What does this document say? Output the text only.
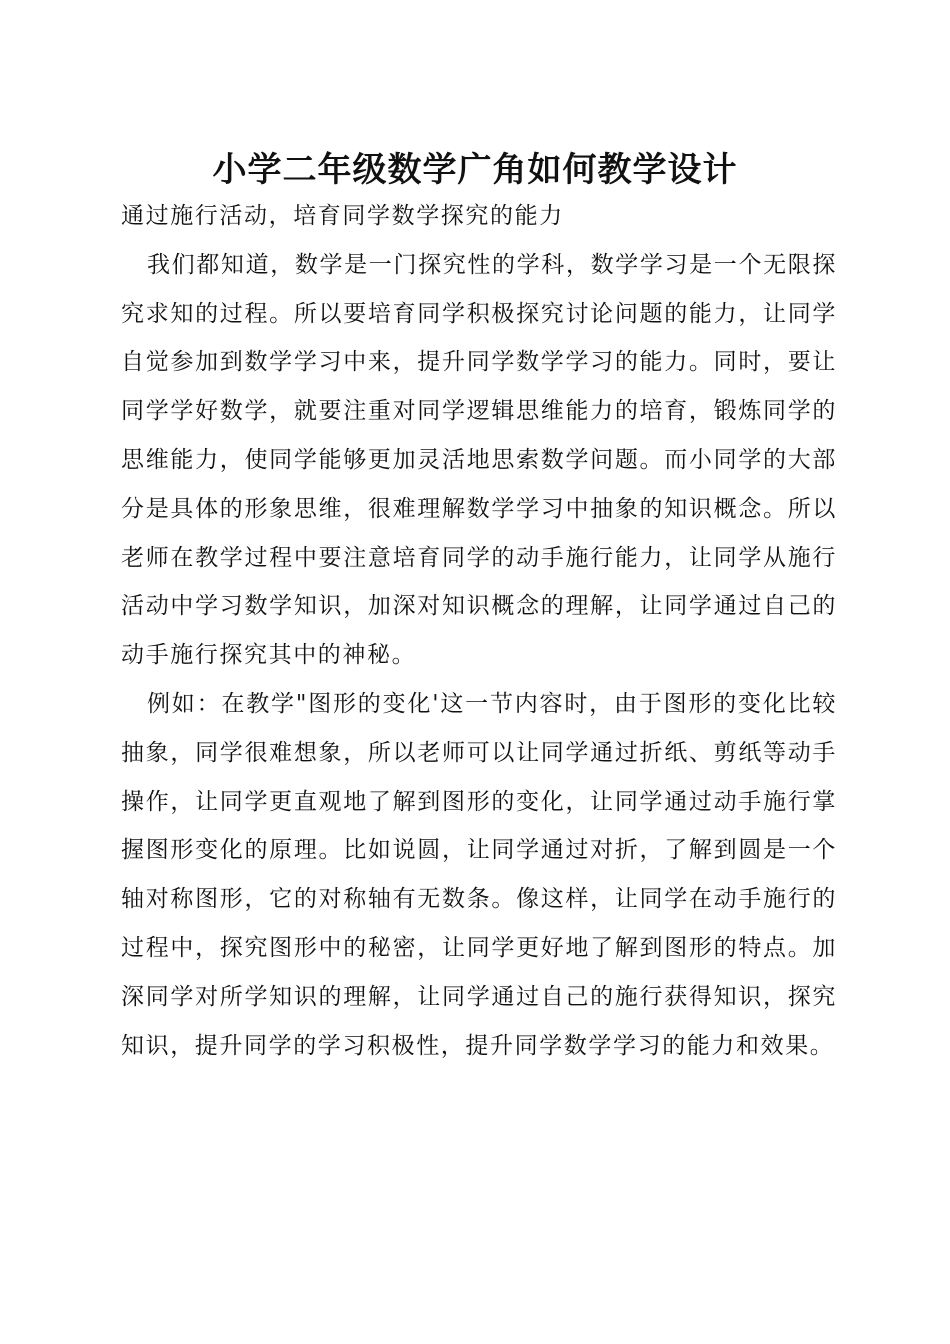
小学二年级数学广角如何教学设计

通过施行活动，培育同学数学探究的能力

我们都知道，数学是一门探究性的学科，数学学习是一个无限探究求知的过程。所以要培育同学积极探究讨论问题的能力，让同学自觉参加到数学学习中来，提升同学数学学习的能力。同时，要让同学学好数学，就要注重对同学逻辑思维能力的培育，锻炼同学的思维能力，使同学能够更加灵活地思索数学问题。而小同学的大部分是具体的形象思维，很难理解数学学习中抽象的知识概念。所以老师在教学过程中要注意培育同学的动手施行能力，让同学从施行活动中学习数学知识，加深对知识概念的理解，让同学通过自己的动手施行探究其中的神秘。

例如：在教学"图形的变化'这一节内容时，由于图形的变化比较抽象，同学很难想象，所以老师可以让同学通过折纸、剪纸等动手操作，让同学更直观地了解到图形的变化，让同学通过动手施行掌握图形变化的原理。比如说圆，让同学通过对折，了解到圆是一个轴对称图形，它的对称轴有无数条。像这样，让同学在动手施行的过程中，探究图形中的秘密，让同学更好地了解到图形的特点。加深同学对所学知识的理解，让同学通过自己的施行获得知识，探究知识，提升同学的学习积极性，提升同学数学学习的能力和效果。
